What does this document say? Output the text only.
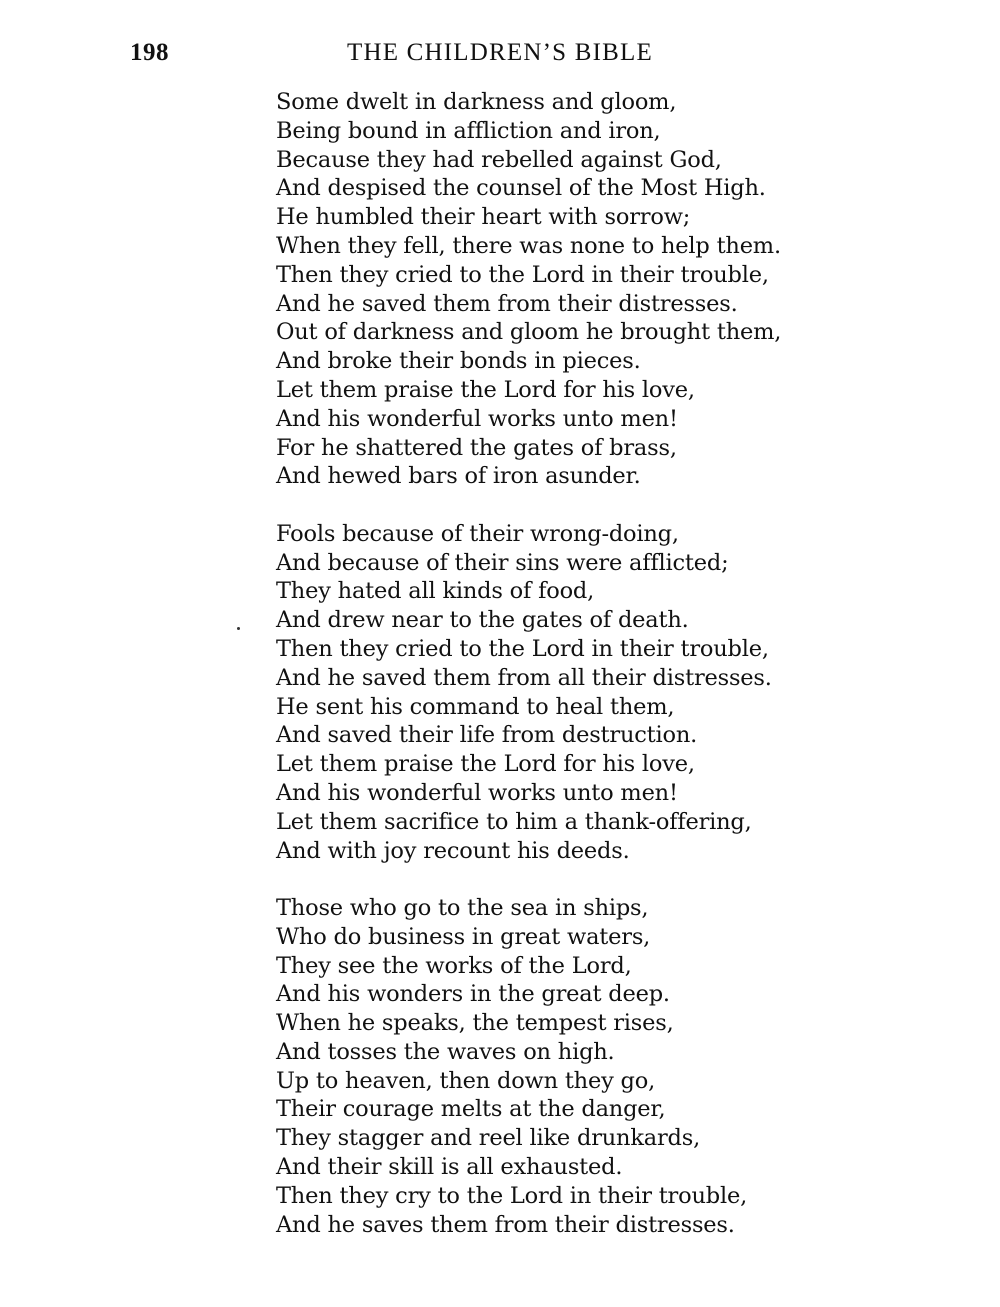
198	THE CHILDREN’S BIBLE
Some dwelt in darkness and gloom,
Being bound in affliction and iron,
Because they had rebelled against God,
And despised the counsel of the Most High.
He humbled their heart with sorrow;
When they fell, there was none to help them.
Then they cried to the Lord in their trouble,
And he saved them from their distresses.
Out of darkness and gloom he brought them,
And broke their bonds in pieces.
Let them praise the Lord for his love,
And his wonderful works unto men!
For he shattered the gates of brass,
And hewed bars of iron asunder.
Fools because of their wrong-doing,
And because of their sins were afflicted;
They hated all kinds of food,
And drew near to the gates of death.
Then they cried to the Lord in their trouble,
And he saved them from all their distresses.
He sent his command to heal them,
And saved their life from destruction.
Let them praise the Lord for his love,
And his wonderful works unto men!
Let them sacrifice to him a thank-offering,
And with joy recount his deeds.
Those who go to the sea in ships,
Who do business in great waters,
They see the works of the Lord,
And his wonders in the great deep.
When he speaks, the tempest rises,
And tosses the waves on high.
Up to heaven, then down they go,
Their courage melts at the danger,
They stagger and reel like drunkards,
And their skill is all exhausted.
Then they cry to the Lord in their trouble,
And he saves them from their distresses.
